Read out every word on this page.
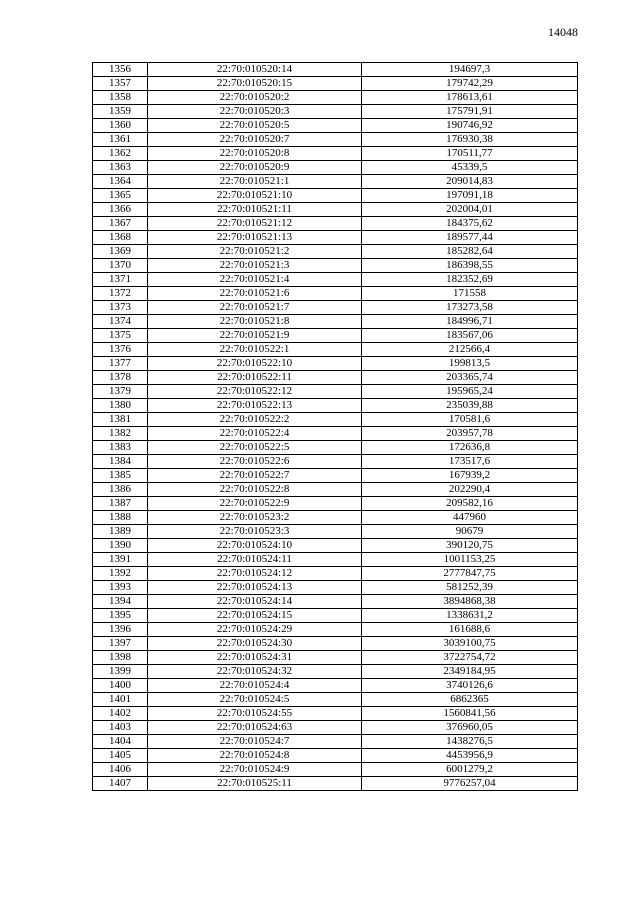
14048
1356	22:70:010520:14	194697,3
1357	22:70:010520:15	179742,29
1358	22:70:010520:2	178613,61
1359	22:70:010520:3	175791,91
1360	22:70:010520:5	190746,92
1361	22:70:010520:7	176930,38
1362	22:70:010520:8	170511,77
1363	22:70:010520:9	45339,5
1364	22:70:010521:1	209014,83
1365	22:70:010521:10	197091,18
1366	22:70:010521:11	202004,01
1367	22:70:010521:12	184375,62
1368	22:70:010521:13	189577,44
1369	22:70:010521:2	185282,64
1370	22:70:010521:3	186398,55
1371	22:70:010521:4	182352,69
1372	22:70:010521:6	171558
1373	22:70:010521:7	173273,58
1374	22:70:010521:8	184996,71
1375	22:70:010521:9	183567,06
1376	22:70:010522:1	212566,4
1377	22:70:010522:10	199813,5
1378	22:70:010522:11	203365,74
1379	22:70:010522:12	195965,24
1380	22:70:010522:13	235039,88
1381	22:70:010522:2	170581,6
1382	22:70:010522:4	203957,78
1383	22:70:010522:5	172636,8
1384	22:70:010522:6	173517,6
1385	22:70:010522:7	167939,2
1386	22:70:010522:8	202290,4
1387	22:70:010522:9	209582,16
1388	22:70:010523:2	447960
1389	22:70:010523:3	90679
1390	22:70:010524:10	390120,75
1391	22:70:010524:11	1001153,25
1392	22:70:010524:12	2777847,75
1393	22:70:010524:13	581252,39
1394	22:70:010524:14	3894868,38
1395	22:70:010524:15	1338631,2
1396	22:70:010524:29	161688,6
1397	22:70:010524:30	3039100,75
1398	22:70:010524:31	3722754,72
1399	22:70:010524:32	2349184,95
1400	22:70:010524:4	3740126,6
1401	22:70:010524:5	6862365
1402	22:70:010524:55	1560841,56
1403	22:70:010524:63	376960,05
1404	22:70:010524:7	1438276,5
1405	22:70:010524:8	4453956,9
1406	22:70:010524:9	6001279,2
1407	22:70:010525:11	9776257,04
